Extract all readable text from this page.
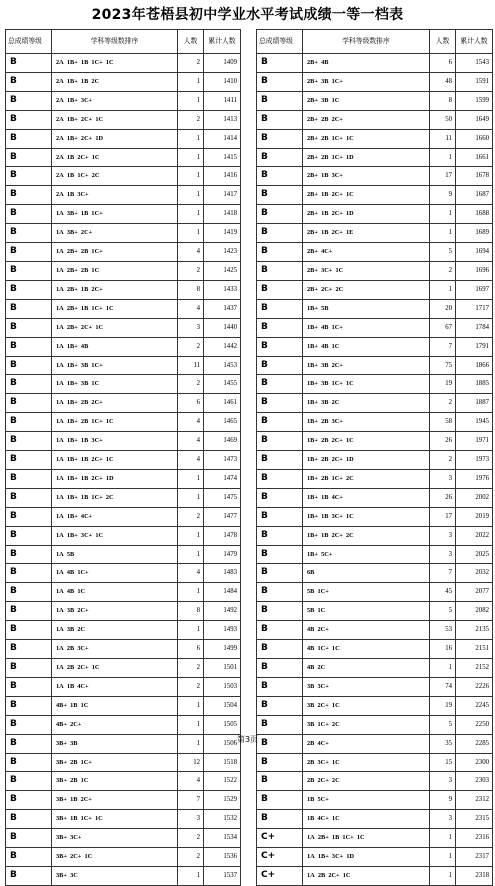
2023年苍梧县初中学业水平考试成绩一等一档表
总成绩等级	学科等级数排序	人数	累计人数
B	2A  1B+  1B  1C+  1C	2	1409
B	2A  1B+  1B  2C	1	1410
B	2A  1B+  3C+	1	1411
B	2A  1B+  2C+  1C	2	1413
B	2A  1B+  2C+  1D	1	1414
B	2A  1B  2C+  1C	1	1415
B	2A  1B  1C+  2C	1	1416
B	2A  1B  3C+	1	1417
B	1A  3B+  1B  1C+	1	1418
B	1A  3B+  2C+	1	1419
B	1A  2B+  2B  1C+	4	1423
B	1A  2B+  2B  1C	2	1425
B	1A  2B+  1B  2C+	8	1433
B	1A  2B+  1B  1C+  1C	4	1437
B	1A  2B+  2C+  1C	3	1440
B	1A  1B+  4B	2	1442
B	1A  1B+  3B  1C+	11	1453
B	1A  1B+  3B  1C	2	1455
B	1A  1B+  2B  2C+	6	1461
B	1A  1B+  2B  1C+  1C	4	1465
B	1A  1B+  1B  3C+	4	1469
B	1A  1B+  1B  2C+  1C	4	1473
B	1A  1B+  1B  2C+  1D	1	1474
B	1A  1B+  1B  1C+  2C	1	1475
B	1A  1B+  4C+	2	1477
B	1A  1B+  3C+  1C	1	1478
B	1A  5B	1	1479
B	1A  4B  1C+	4	1483
B	1A  4B  1C	1	1484
B	1A  3B  2C+	8	1492
B	1A  3B  2C	1	1493
B	1A  2B  3C+	6	1499
B	1A  2B  2C+  1C	2	1501
B	1A  1B  4C+	2	1503
B	4B+  1B  1C	1	1504
B	4B+  2C+	1	1505
B	3B+  3B	1	1506
B	3B+  2B  1C+	12	1518
B	3B+  2B  1C	4	1522
B	3B+  1B  2C+	7	1529
B	3B+  1B  1C+  1C	3	1532
B	3B+  3C+	2	1534
B	3B+  2C+  1C	2	1536
B	3B+  3C	1	1537
总成绩等级	学科等级数排序	人数	累计人数
B	2B+  4B	6	1543
B	2B+  3B  1C+	48	1591
B	2B+  3B  1C	8	1599
B	2B+  2B  2C+	50	1649
B	2B+  2B  1C+  1C	11	1660
B	2B+  2B  1C+  1D	1	1661
B	2B+  1B  3C+	17	1678
B	2B+  1B  2C+  1C	9	1687
B	2B+  1B  2C+  1D	1	1688
B	2B+  1B  2C+  1E	1	1689
B	2B+  4C+	5	1694
B	2B+  3C+  1C	2	1696
B	2B+  2C+  2C	1	1697
B	1B+  5B	20	1717
B	1B+  4B  1C+	67	1784
B	1B+  4B  1C	7	1791
B	1B+  3B  2C+	75	1866
B	1B+  3B  1C+  1C	19	1885
B	1B+  3B  2C	2	1887
B	1B+  2B  3C+	58	1945
B	1B+  2B  2C+  1C	26	1971
B	1B+  2B  2C+  1D	2	1973
B	1B+  2B  1C+  2C	3	1976
B	1B+  1B  4C+	26	2002
B	1B+  1B  3C+  1C	17	2019
B	1B+  1B  2C+  2C	3	2022
B	1B+  5C+	3	2025
B	6B	7	2032
B	5B  1C+	45	2077
B	5B  1C	5	2082
B	4B  2C+	53	2135
B	4B  1C+  1C	16	2151
B	4B  2C	1	2152
B	3B  3C+	74	2226
B	3B  2C+  1C	19	2245
B	3B  1C+  2C	5	2250
B	2B  4C+	35	2285
B	2B  3C+  1C	15	2300
B	2B  2C+  2C	3	2303
B	1B  5C+	9	2312
B	1B  4C+  1C	3	2315
C+	1A  2B+  1B  1C+  1C	1	2316
C+	1A  1B+  3C+  1D	1	2317
C+	1A  2B  2C+  1C	1	2318
第3页
